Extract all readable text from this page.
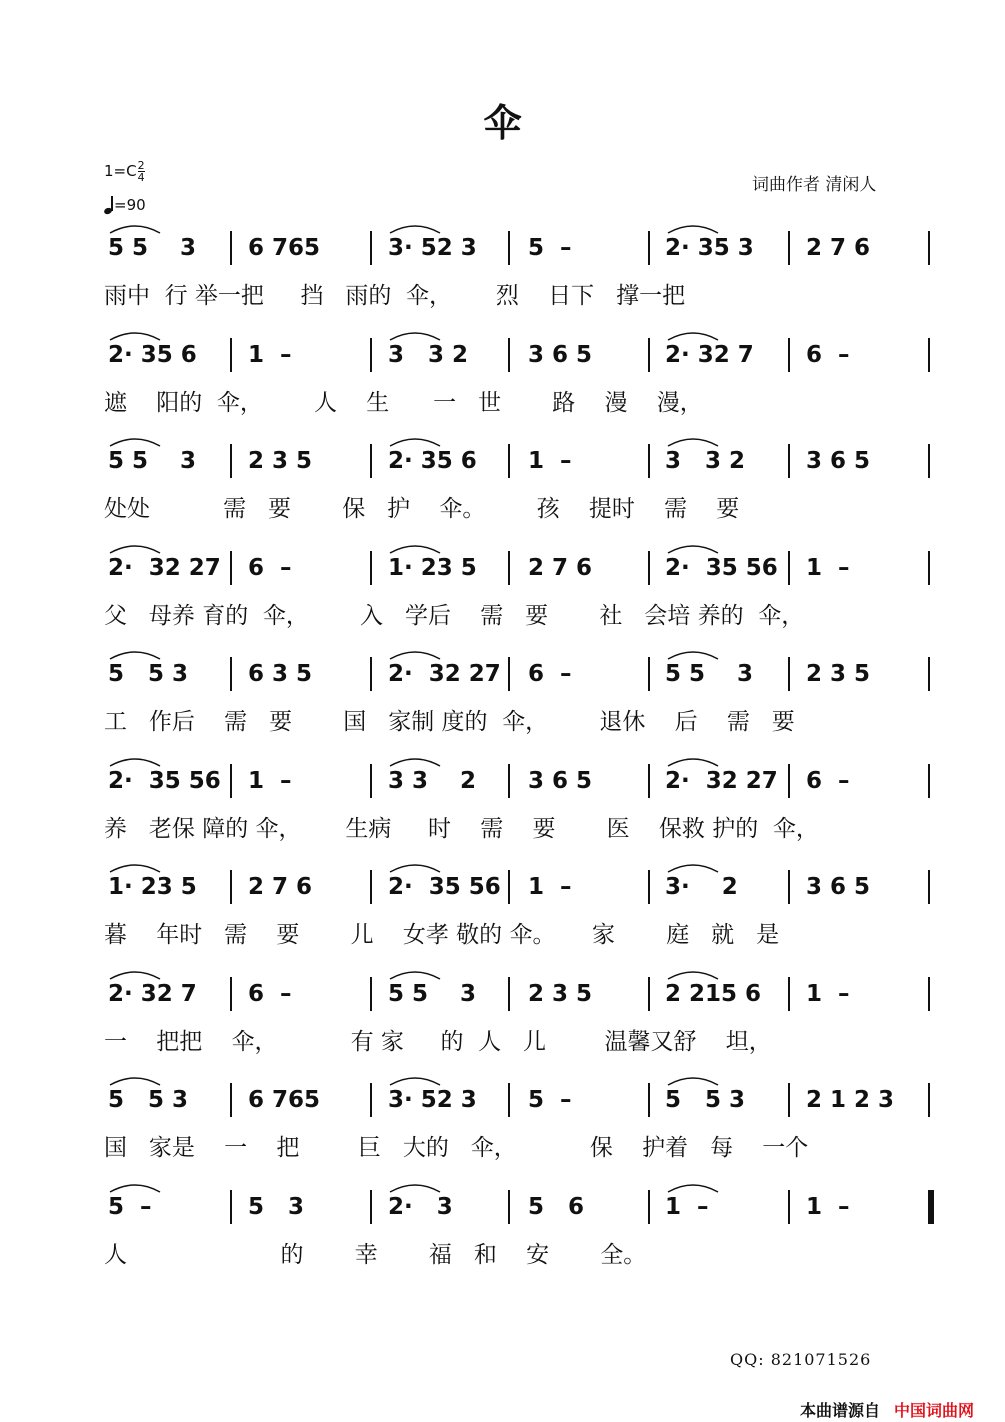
伞
$1=C \frac{2}{4}$
=90
词曲作者 清闲人
5 5    3 6 765	3· 52 3 5  –	2· 35 3 2 7 6
雨中  行 举一把     挡   雨的  伞，      烈    日下   撑一把
2· 35 6 1  –	3   3 2	3 6 5	2· 32 7 6  –
遮    阳的  伞，       人    生      一   世       路    漫    漫，
5 5    3 2 3 5	2· 35 6 1  –	3   3 2	3 6 5
处处          需   要       保   护    伞。       孩    提时    需    要
2·  32 27 6  –	1· 23 5 2 7 6	2·  35 56 1  –
父   母养 育的  伞，       入   学后    需   要       社   会培 养的  伞，
5   5 3	6 3 5	2·  32 27 6  –	5 5    3 2 3 5
工   作后    需   要       国   家制 度的  伞，       退休    后    需   要
2·  35 56 1  –	3 3    2 3 6 5	2·  32 27 6  –
养   老保 障的 伞，      生病     时    需    要       医    保救 护的  伞，
1· 23 5 2 7 6	2·  35 56 1  –	3·    2	3 6 5
暮    年时   需    要       儿    女孝 敬的 伞。     家       庭   就   是
2· 32 7 6  –	5 5    3 2 3 5	2 215 6 1  –
一    把把    伞，          有 家     的  人   儿        温馨又舒    坦，
5   5 3	6 765	3· 52 3 5  –	5   5 3	2 1 2 3
国   家是    一    把        巨   大的   伞，          保    护着   每    一个
5  –	5   3	2·   3	5   6	1  –	1  –
人                     的       幸       福   和    安       全。
QQ: 821071526
本曲谱源自 中国词曲网
